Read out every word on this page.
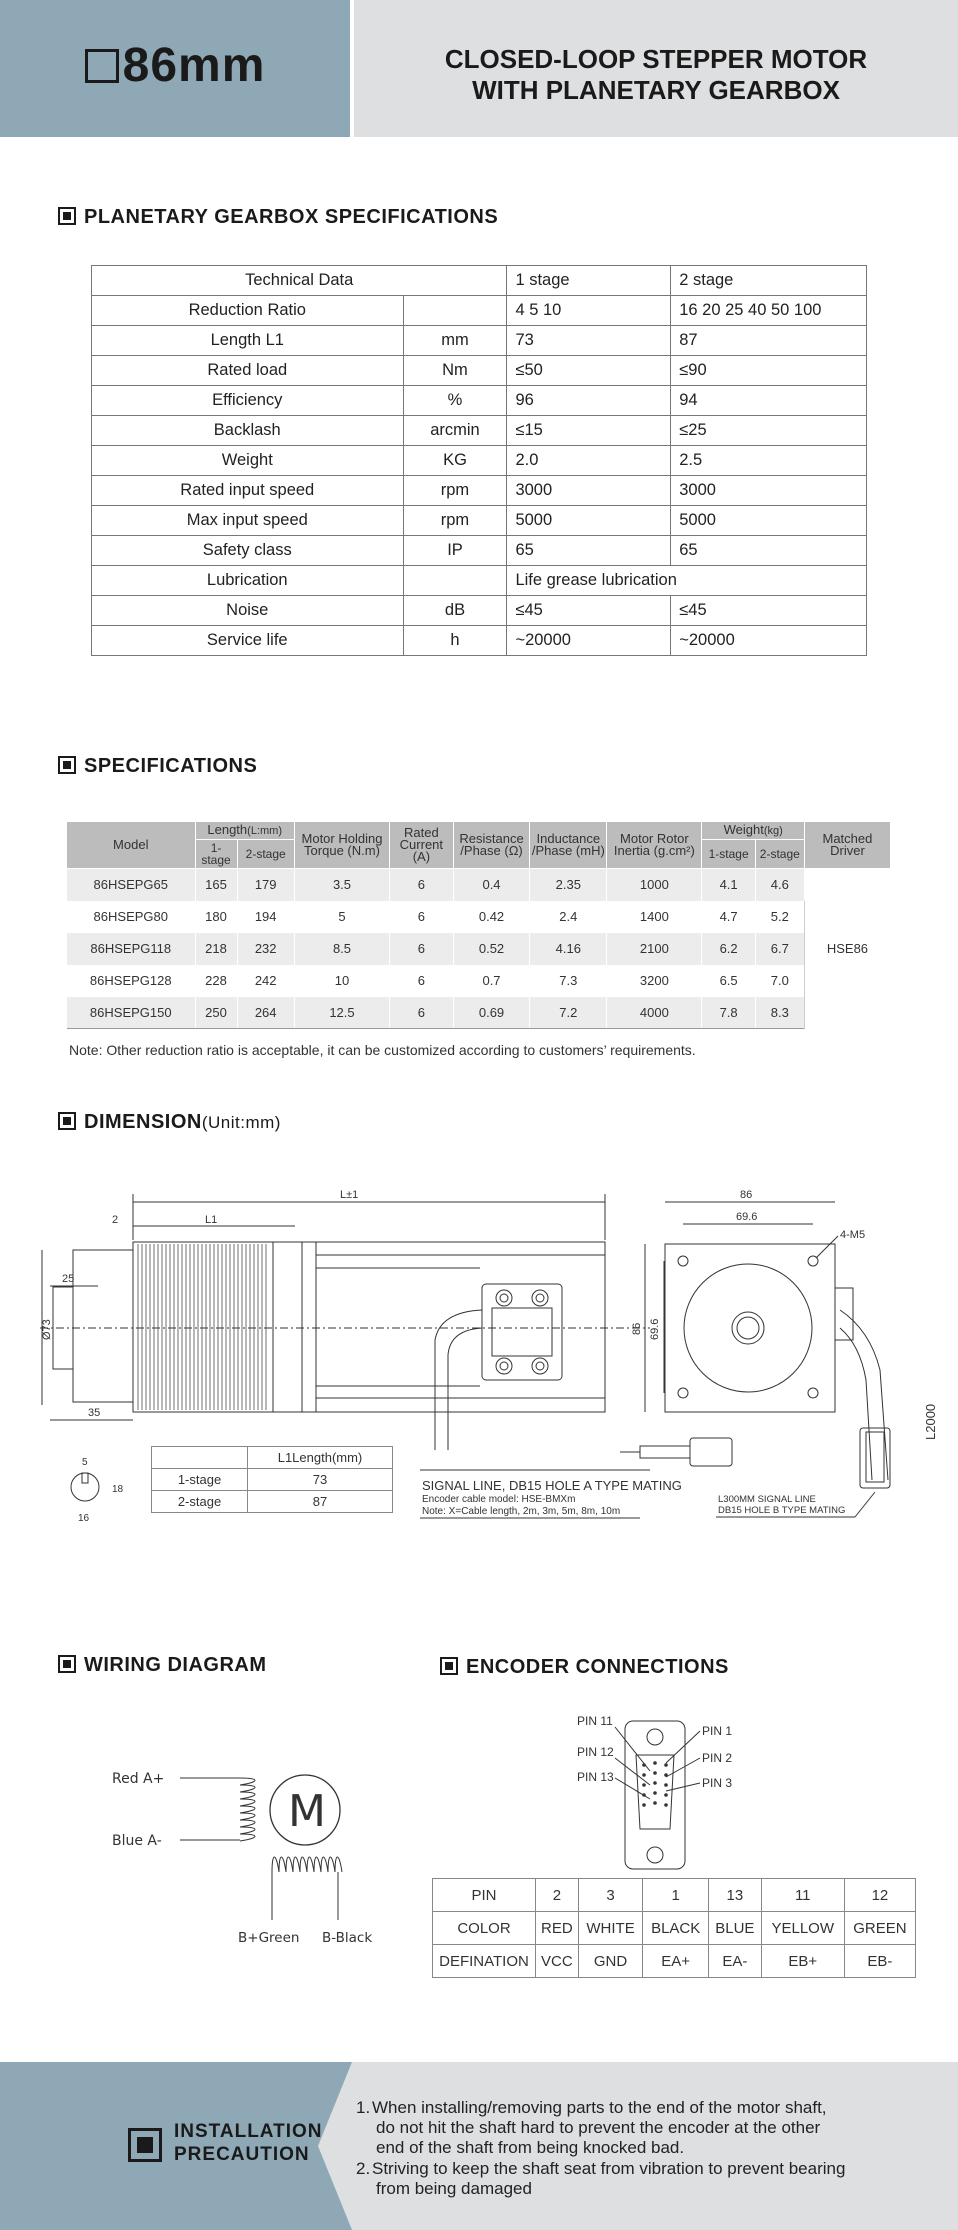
86mm	CLOSED-LOOP STEPPER MOTOR
WITH PLANETARY GEARBOX
PLANETARY GEARBOX SPECIFICATIONS
Technical Data		1 stage	2 stage
Reduction Ratio		4 5 10	16 20 25 40 50 100
Length L1	mm	73	87
Rated load	Nm	≤50	≤90
Efficiency	%	96	94
Backlash	arcmin	≤15	≤25
Weight	KG	2.0	2.5
Rated input speed	rpm	3000	3000
Max input speed	rpm	5000	5000
Safety class	IP	65	65
Lubrication		Life grease lubrication	
Noise	dB	≤45	≤45
Service life	h	~20000	~20000
SPECIFICATIONS
Model	Length(L:mm)		Motor Holding Torque (N.m)	Rated Current (A)	Resistance /Phase (Ω)	Inductance /Phase (mH)	Motor Rotor Inertia (g.cm²)	Weight(kg)		Matched Driver
	1-stage	2-stage						1-stage	2-stage	
86HSEPG65	165	179	3.5	6	0.4	2.35	1000	4.1	4.6	HSE86
86HSEPG80	180	194	5	6	0.42	2.4	1400	4.7	5.2	
86HSEPG118	218	232	8.5	6	0.52	4.16	2100	6.2	6.7	
86HSEPG128	228	242	10	6	0.7	7.3	3200	6.5	7.0	
86HSEPG150	250	264	12.5	6	0.69	7.2	4000	7.8	8.3	
Note: Other reduction ratio is acceptable, it can be customized according to customers’ requirements.
DIMENSION(Unit:mm)
L±1
L1
2
25
Ø73
35
86
69.6
86 69.6
4-M5
L2000
5
18
16
SIGNAL LINE, DB15 HOLE A TYPE MATING
Encoder cable model: HSE-BMXm
Note: X=Cable length, 2m, 3m, 5m, 8m, 10m
L300MM SIGNAL LINE
DB15 HOLE B TYPE MATING
	L1Length(mm)
1-stage	73
2-stage	87
WIRING DIAGRAM
Red A+
Blue A-
M
B+Green B-Black
ENCODER CONNECTIONS
PIN 11
PIN 12
PIN 13
PIN 1
PIN 2
PIN 3
PIN	2	3	1	13	11	12
COLOR	RED	WHITE	BLACK	BLUE	YELLOW	GREEN
DEFINATION	VCC	GND	EA+	EA-	EB+	EB-
INSTALLATION
PRECAUTION
1. When installing/removing parts to the end of the motor shaft,
do not hit the shaft hard to prevent the encoder at the other
end of the shaft from being knocked bad.
2. Striving to keep the shaft seat from vibration to prevent bearing
from being damaged
